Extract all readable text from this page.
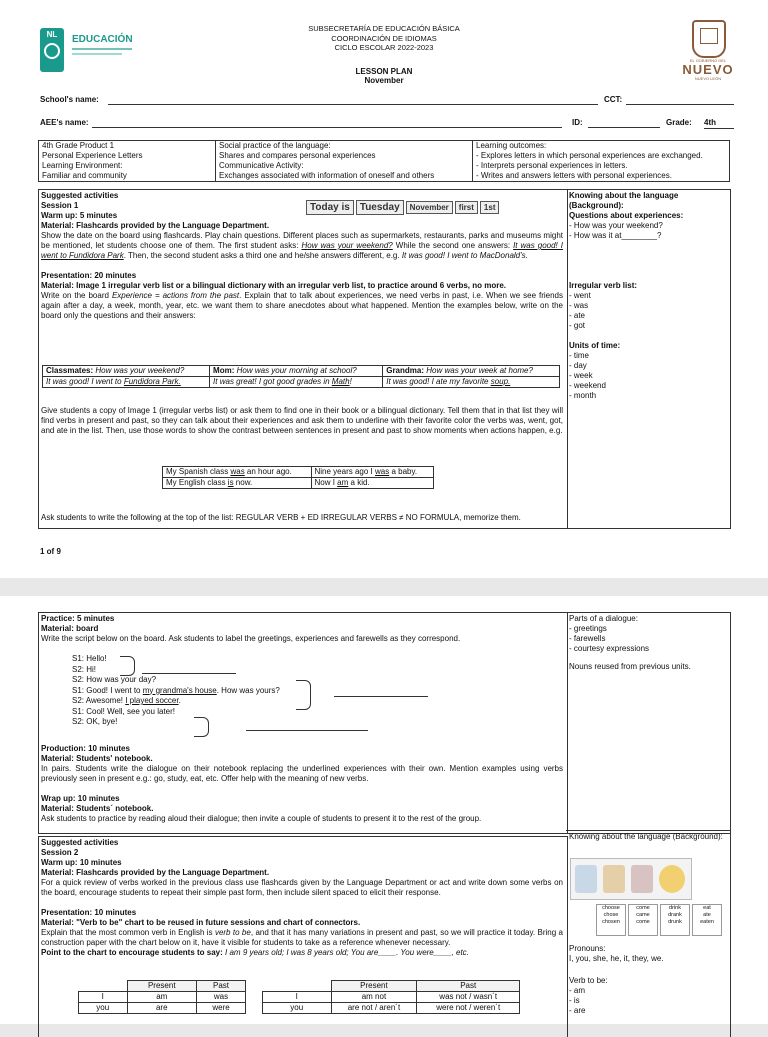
NL	EDUCACIÓN
SUBSECRETARÍA DE EDUCACIÓN BÁSICA
COORDINACIÓN DE IDIOMAS
CICLO ESCOLAR 2022-2023
LESSON PLAN
November
EL GOBIERNO DEL
NUEVO
NUEVO LEÓN
School's name:	CCT:
AEE's name:	ID:	Grade: 4th
4th Grade Product 1
Personal Experience Letters
Learning Environment:
Familiar and community

Social practice of the language:
Shares and compares personal experiences
Communicative Activity:
Exchanges associated with information of oneself and others

Learning outcomes:
- Explores letters in which personal experiences are exchanged.
- Interprets personal experiences in letters.
- Writes and answers letters with personal experiences.
Today is Tuesday November first 1st

Suggested activities

Session 1

Warm up: 5 minutes

Material: Flashcards provided by the Language Department.

Show the date on the board using flashcards. Play chain questions. Different places such as supermarkets, restaurants, parks and museums might be mentioned, let students choose one of them. The first student asks: How was your weekend? While the second one answers: It was good! I went to Fundidora Park. Then, the second student asks a third one and he/she answers different, e.g. It was good! I went to MacDonald's.

Presentation: 20 minutes

Material: Image 1 irregular verb list or a bilingual dictionary with an irregular verb list, to practice around 6 verbs, no more.

Write on the board Experience = actions from the past. Explain that to talk about experiences, we need verbs in past, i.e. When we see friends again after a day, a week, month, year, etc. we want them to share anecdotes about what happened. Mention the examples below, write on the board only the questions and their answers:

Classmates: How was your weekend?	Mom: How was your morning at school?	Grandma: How was your week at home?
It was good! I went to Fundidora Park.	It was great! I got good grades in Math!	It was good! I ate my favorite soup.
Give students a copy of Image 1 (irregular verbs list) or ask them to find one in their book or a bilingual dictionary. Tell them that in that list they will find verbs in present and past, so they can talk about their experiences and ask them to underline with their favorite color the verbs was, went, got, and ate in the list. Then, use those words to show the contrast between sentences in present and past to show moments when actions happen, e.g.
My Spanish class was an hour ago.	Nine years ago I was a baby.
My English class is now.	Now I am a kid.
Ask students to write the following at the top of the list: REGULAR VERB + ED IRREGULAR VERBS ≠ NO FORMULA, memorize them.
Knowing about the language (Background):
Questions about experiences:
- How was your weekend?
- How was it at________?
Irregular verb list:
- went
- was
- ate
- got
Units of time:
- time
- day
- week
- weekend
- month
1 of 9
Practice: 5 minutes
Material: board
Write the script below on the board. Ask students to label the greetings, experiences and farewells as they correspond.
S1: Hello!
S2: Hi!
S2: How was your day?
S1: Good! I went to my grandma's house. How was yours?
S2: Awesome! I played soccer.
S1: Cool! Well, see you later!
S2: OK, bye!
Production: 10 minutes
Material: Students' notebook.
In pairs. Students write the dialogue on their notebook replacing the underlined experiences with their own. Mention examples using verbs previously seen in present e.g.: go, study, eat, etc. Offer help with the meaning of new verbs.
Wrap up: 10 minutes
Material: Students´ notebook.
Ask students to practice by reading aloud their dialogue; then invite a couple of students to present it to the rest of the group.
Parts of a dialogue:
- greetings
- farewells
- courtesy expressions
Nouns reused from previous units.
Suggested activities
Session 2
Warm up: 10 minutes
Material: Flashcards provided by the Language Department.
For a quick review of verbs worked in the previous class use flashcards given by the Language Department or act and write down some verbs on the board, encourage students to repeat their simple past form, then include silent spaced to elicit their response.
Presentation: 10 minutes
Material: "Verb to be" chart to be reused in future sessions and chart of connectors.
Explain that the most common verb in English is verb to be, and that it has many variations in present and past, so we will practice it today. Bring a construction paper with the chart below on it, have it visible for students to take as a reference whenever necessary.
Point to the chart to encourage students to say: I am 9 years old; I was 8 years old; You are____. You were____, etc.
	Present	Past
I	am	was
you	are	were
	Present	Past
I	am not	was not / wasn´t
you	are not / aren´t	were not / weren´t
Knowing about the language (Background):
choose
chose
chosen
come
came
come
drink
drank
drunk
eat
ate
eaten
Pronouns:
I, you, she, he, it, they, we.
Verb to be:
- am
- is
- are
